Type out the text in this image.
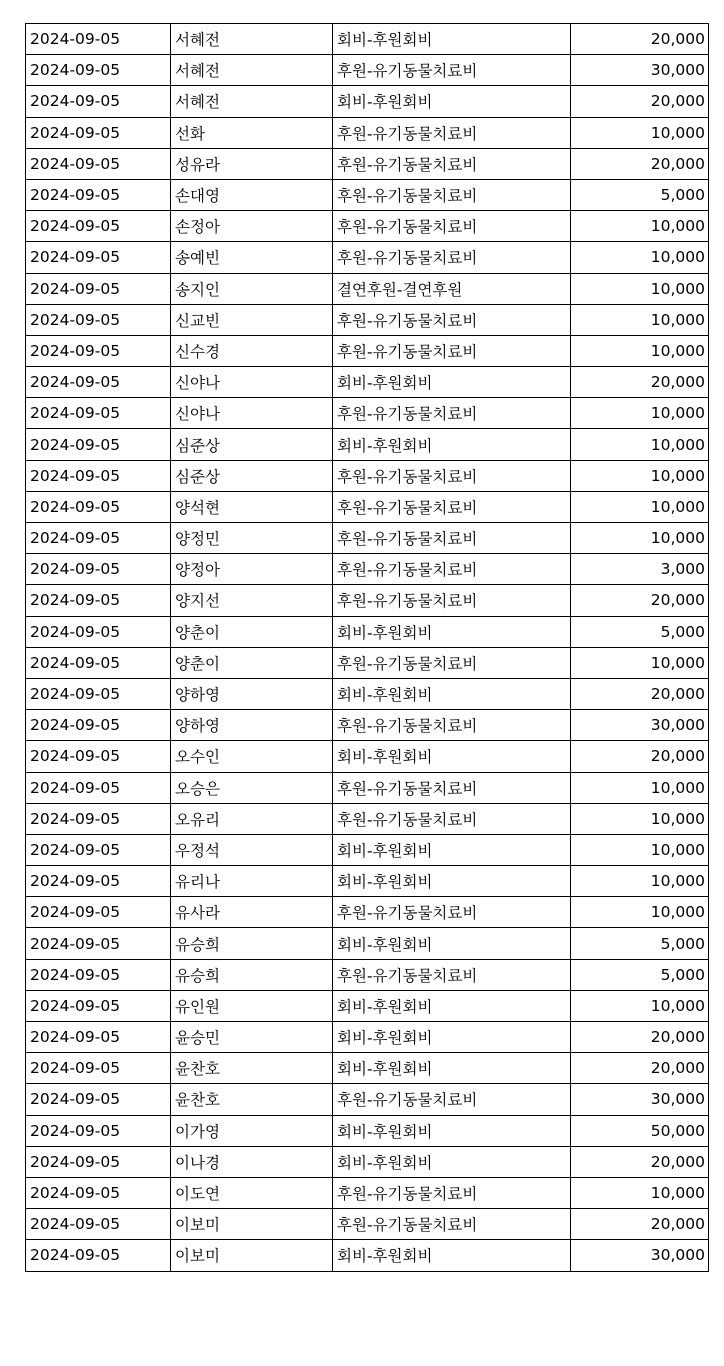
2024-09-05	서혜전	회비-후원회비	20,000
2024-09-05	서혜전	후원-유기동물치료비	30,000
2024-09-05	서혜전	회비-후원회비	20,000
2024-09-05	선화	후원-유기동물치료비	10,000
2024-09-05	성유라	후원-유기동물치료비	20,000
2024-09-05	손대영	후원-유기동물치료비	5,000
2024-09-05	손정아	후원-유기동물치료비	10,000
2024-09-05	송예빈	후원-유기동물치료비	10,000
2024-09-05	송지인	결연후원-결연후원	10,000
2024-09-05	신교빈	후원-유기동물치료비	10,000
2024-09-05	신수경	후원-유기동물치료비	10,000
2024-09-05	신야나	회비-후원회비	20,000
2024-09-05	신야나	후원-유기동물치료비	10,000
2024-09-05	심준상	회비-후원회비	10,000
2024-09-05	심준상	후원-유기동물치료비	10,000
2024-09-05	양석현	후원-유기동물치료비	10,000
2024-09-05	양정민	후원-유기동물치료비	10,000
2024-09-05	양정아	후원-유기동물치료비	3,000
2024-09-05	양지선	후원-유기동물치료비	20,000
2024-09-05	양춘이	회비-후원회비	5,000
2024-09-05	양춘이	후원-유기동물치료비	10,000
2024-09-05	양하영	회비-후원회비	20,000
2024-09-05	양하영	후원-유기동물치료비	30,000
2024-09-05	오수인	회비-후원회비	20,000
2024-09-05	오승은	후원-유기동물치료비	10,000
2024-09-05	오유리	후원-유기동물치료비	10,000
2024-09-05	우정석	회비-후원회비	10,000
2024-09-05	유리나	회비-후원회비	10,000
2024-09-05	유사라	후원-유기동물치료비	10,000
2024-09-05	유승희	회비-후원회비	5,000
2024-09-05	유승희	후원-유기동물치료비	5,000
2024-09-05	유인원	회비-후원회비	10,000
2024-09-05	윤승민	회비-후원회비	20,000
2024-09-05	윤찬호	회비-후원회비	20,000
2024-09-05	윤찬호	후원-유기동물치료비	30,000
2024-09-05	이가영	회비-후원회비	50,000
2024-09-05	이나경	회비-후원회비	20,000
2024-09-05	이도연	후원-유기동물치료비	10,000
2024-09-05	이보미	후원-유기동물치료비	20,000
2024-09-05	이보미	회비-후원회비	30,000
